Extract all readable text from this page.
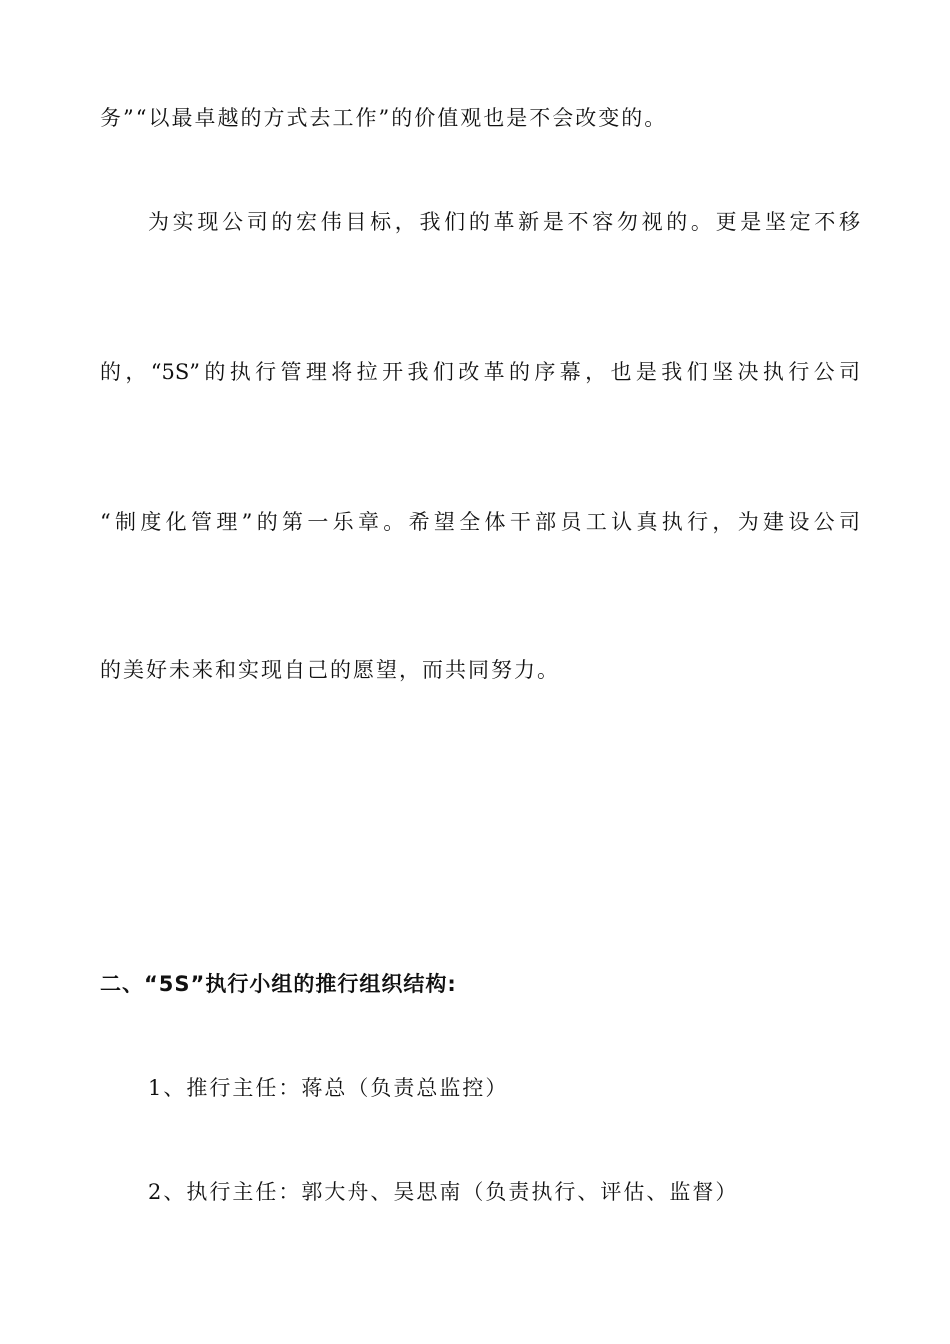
务”“以最卓越的方式去工作”的价值观也是不会改变的。
为实现公司的宏伟目标，我们的革新是不容勿视的。更是坚定不移
的，“5S”的执行管理将拉开我们改革的序幕，也是我们坚决执行公司
“制度化管理”的第一乐章。希望全体干部员工认真执行，为建设公司
的美好未来和实现自己的愿望，而共同努力。
二、“5S”执行小组的推行组织结构:
1、推行主任：蒋总（负责总监控）
2、执行主任：郭大舟、吴思南（负责执行、评估、监督）
